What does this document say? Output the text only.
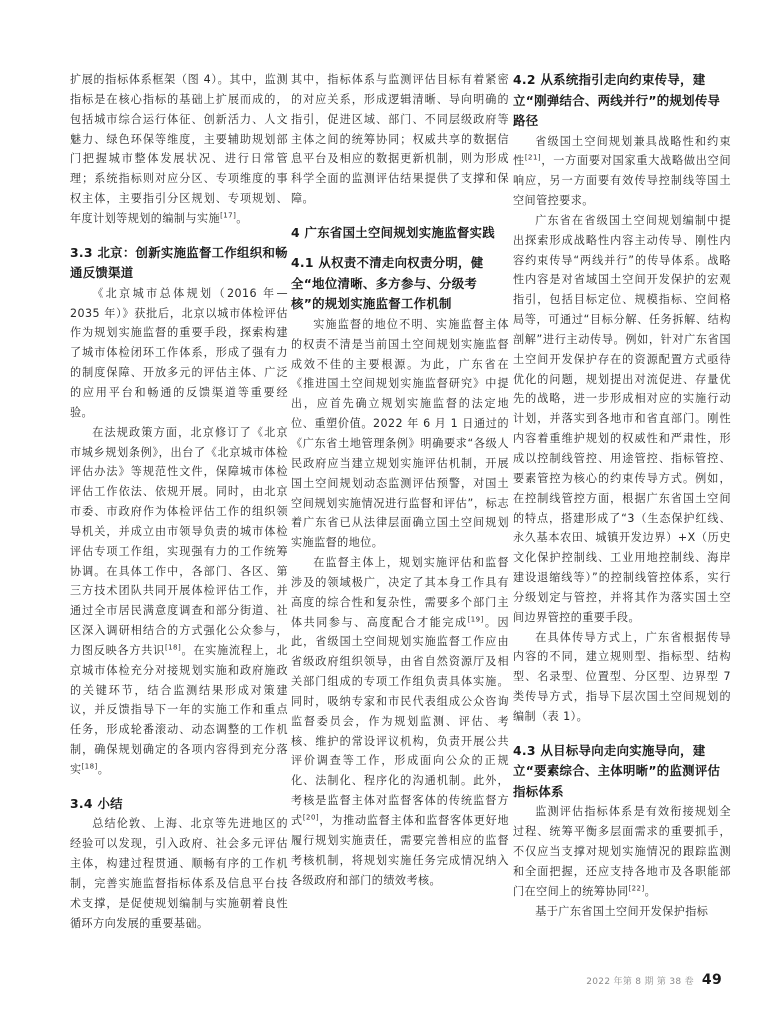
扩展的指标体系框架（图 4）。其中，监测指标是在核心指标的基础上扩展而成的，包括城市综合运行体征、创新活力、人文魅力、绿色环保等维度，主要辅助规划部门把握城市整体发展状况、进行日常管理；系统指标则对应分区、专项维度的事权主体，主要指引分区规划、专项规划、年度计划等规划的编制与实施[17]。

3.3 北京：创新实施监督工作组织和畅通反馈渠道

《北京城市总体规划（2016 年—2035 年）》获批后，北京以城市体检评估作为规划实施监督的重要手段，探索构建了城市体检闭环工作体系，形成了强有力的制度保障、开放多元的评估主体、广泛的应用平台和畅通的反馈渠道等重要经验。

在法规政策方面，北京修订了《北京市城乡规划条例》，出台了《北京城市体检评估办法》等规范性文件，保障城市体检评估工作依法、依规开展。同时，由北京市委、市政府作为体检评估工作的组织领导机关，并成立由市领导负责的城市体检评估专项工作组，实现强有力的工作统筹协调。在具体工作中，各部门、各区、第三方技术团队共同开展体检评估工作，并通过全市居民满意度调查和部分街道、社区深入调研相结合的方式强化公众参与，力图反映各方共识[18]。在实施流程上，北京城市体检充分对接规划实施和政府施政的关键环节，结合监测结果形成对策建议，并反馈指导下一年的实施工作和重点任务，形成轮番滚动、动态调整的工作机制，确保规划确定的各项内容得到充分落实[18]。

3.4 小结

总结伦敦、上海、北京等先进地区的经验可以发现，引入政府、社会多元评估主体，构建过程贯通、顺畅有序的工作机制，完善实施监督指标体系及信息平台技术支撑，是促使规划编制与实施朝着良性循环方向发展的重要基础。

其中，指标体系与监测评估目标有着紧密的对应关系，形成逻辑清晰、导向明确的指引，促进区域、部门、不同层级政府等主体之间的统筹协同；权威共享的数据信息平台及相应的数据更新机制，则为形成科学全面的监测评估结果提供了支撑和保障。

4 广东省国土空间规划实施监督实践

4.1 从权责不清走向权责分明，健全“地位清晰、多方参与、分级考核”的规划实施监督工作机制

实施监督的地位不明、实施监督主体的权责不清是当前国土空间规划实施监督成效不佳的主要根源。为此，广东省在《推进国土空间规划实施监督研究》中提出，应首先确立规划实施监督的法定地位、重塑价值。2022 年 6 月 1 日通过的《广东省土地管理条例》明确要求“各级人民政府应当建立规划实施评估机制，开展国土空间规划动态监测评估预警，对国土空间规划实施情况进行监督和评估”，标志着广东省已从法律层面确立国土空间规划实施监督的地位。

在监督主体上，规划实施评估和监督涉及的领域极广，决定了其本身工作具有高度的综合性和复杂性，需要多个部门主体共同参与、高度配合才能完成[19]。因此，省级国土空间规划实施监督工作应由省级政府组织领导，由省自然资源厅及相关部门组成的专项工作组负责具体实施。同时，吸纳专家和市民代表组成公众咨询监督委员会，作为规划监测、评估、考核、维护的常设评议机构，负责开展公共评价调查等工作，形成面向公众的正规化、法制化、程序化的沟通机制。此外，考核是监督主体对监督客体的传统监督方式[20]，为推动监督主体和监督客体更好地履行规划实施责任，需要完善相应的监督考核机制，将规划实施任务完成情况纳入各级政府和部门的绩效考核。

4.2 从系统指引走向约束传导，建立“刚弹结合、两线并行”的规划传导路径

省级国土空间规划兼具战略性和约束性[21]，一方面要对国家重大战略做出空间响应，另一方面要有效传导控制线等国土空间管控要求。

广东省在省级国土空间规划编制中提出探索形成战略性内容主动传导、刚性内容约束传导“两线并行”的传导体系。战略性内容是对省域国土空间开发保护的宏观指引，包括目标定位、规模指标、空间格局等，可通过“目标分解、任务拆解、结构剖解”进行主动传导。例如，针对广东省国土空间开发保护存在的资源配置方式亟待优化的问题，规划提出对流促进、存量优先的战略，进一步形成相对应的实施行动计划，并落实到各地市和省直部门。刚性内容着重维护规划的权威性和严肃性，形成以控制线管控、用途管控、指标管控、要素管控为核心的约束传导方式。例如，在控制线管控方面，根据广东省国土空间的特点，搭建形成了“3（生态保护红线、永久基本农田、城镇开发边界）+X（历史文化保护控制线、工业用地控制线、海岸建设退缩线等）”的控制线管控体系，实行分级划定与管控，并将其作为落实国土空间边界管控的重要手段。

在具体传导方式上，广东省根据传导内容的不同，建立规则型、指标型、结构型、名录型、位置型、分区型、边界型 7 类传导方式，指导下层次国土空间规划的编制（表 1）。

4.3 从目标导向走向实施导向，建立“要素综合、主体明晰”的监测评估指标体系

监测评估指标体系是有效衔接规划全过程、统筹平衡多层面需求的重要抓手，不仅应当支撑对规划实施情况的跟踪监测和全面把握，还应支持各地市及各职能部门在空间上的统筹协同[22]。

基于广东省国土空间开发保护指标

2022 年第 8 期 第 38 卷 49
